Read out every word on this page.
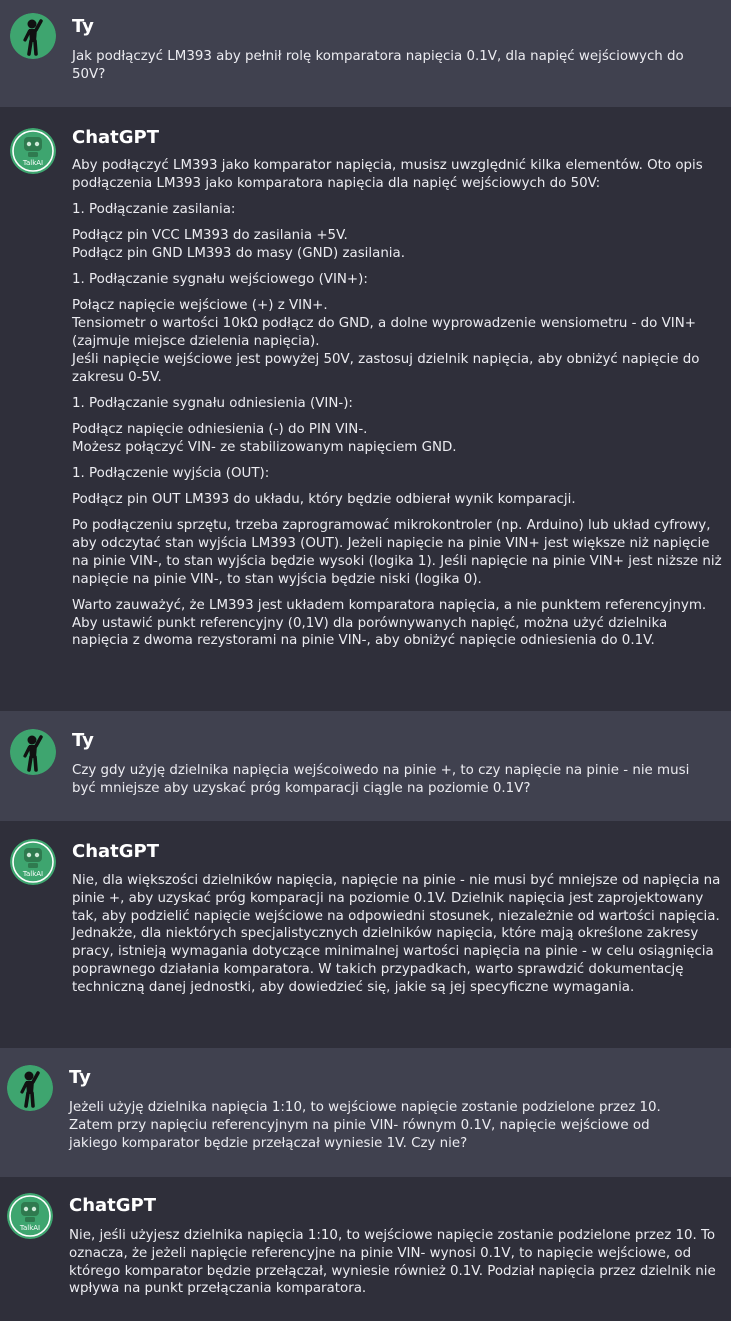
Ty

Jak podłączyć LM393 aby pełnił rolę komparatora napięcia 0.1V, dla napięć wejściowych do 50V?

TalkAI
ChatGPT

Aby podłączyć LM393 jako komparator napięcia, musisz uwzględnić kilka elementów. Oto opis podłączenia LM393 jako komparatora napięcia dla napięć wejściowych do 50V:

1. Podłączanie zasilania:

Podłącz pin VCC LM393 do zasilania +5V.
Podłącz pin GND LM393 do masy (GND) zasilania.

1. Podłączanie sygnału wejściowego (VIN+):

Połącz napięcie wejściowe (+) z VIN+.
Tensiometr o wartości 10kΩ podłącz do GND, a dolne wyprowadzenie wensiometru - do VIN+ (zajmuje miejsce dzielenia napięcia).
Jeśli napięcie wejściowe jest powyżej 50V, zastosuj dzielnik napięcia, aby obniżyć napięcie do zakresu 0-5V.

1. Podłączanie sygnału odniesienia (VIN-):

Podłącz napięcie odniesienia (-) do PIN VIN-.
Możesz połączyć VIN- ze stabilizowanym napięciem GND.

1. Podłączenie wyjścia (OUT):

Podłącz pin OUT LM393 do układu, który będzie odbierał wynik komparacji.

Po podłączeniu sprzętu, trzeba zaprogramować mikrokontroler (np. Arduino) lub układ cyfrowy, aby odczytać stan wyjścia LM393 (OUT). Jeżeli napięcie na pinie VIN+ jest większe niż napięcie na pinie VIN-, to stan wyjścia będzie wysoki (logika 1). Jeśli napięcie na pinie VIN+ jest niższe niż napięcie na pinie VIN-, to stan wyjścia będzie niski (logika 0).

Warto zauważyć, że LM393 jest układem komparatora napięcia, a nie punktem referencyjnym. Aby ustawić punkt referencyjny (0,1V) dla porównywanych napięć, można użyć dzielnika napięcia z dwoma rezystorami na pinie VIN-, aby obniżyć napięcie odniesienia do 0.1V.

Ty

Czy gdy użyję dzielnika napięcia wejścoiwedo na pinie +, to czy napięcie na pinie - nie musi być mniejsze aby uzyskać próg komparacji ciągle na poziomie 0.1V?

TalkAI
ChatGPT

Nie, dla większości dzielników napięcia, napięcie na pinie - nie musi być mniejsze od napięcia na pinie +, aby uzyskać próg komparacji na poziomie 0.1V. Dzielnik napięcia jest zaprojektowany tak, aby podzielić napięcie wejściowe na odpowiedni stosunek, niezależnie od wartości napięcia. Jednakże, dla niektórych specjalistycznych dzielników napięcia, które mają określone zakresy pracy, istnieją wymagania dotyczące minimalnej wartości napięcia na pinie - w celu osiągnięcia poprawnego działania komparatora. W takich przypadkach, warto sprawdzić dokumentację techniczną danej jednostki, aby dowiedzieć się, jakie są jej specyficzne wymagania.

Ty

Jeżeli użyję dzielnika napięcia 1:10, to wejściowe napięcie zostanie podzielone przez 10. Zatem przy napięciu referencyjnym na pinie VIN- równym 0.1V, napięcie wejściowe od jakiego komparator będzie przełączał wyniesie 1V. Czy nie?

TalkAI
ChatGPT

Nie, jeśli użyjesz dzielnika napięcia 1:10, to wejściowe napięcie zostanie podzielone przez 10. To oznacza, że jeżeli napięcie referencyjne na pinie VIN- wynosi 0.1V, to napięcie wejściowe, od którego komparator będzie przełączał, wyniesie również 0.1V. Podział napięcia przez dzielnik nie wpływa na punkt przełączania komparatora.
